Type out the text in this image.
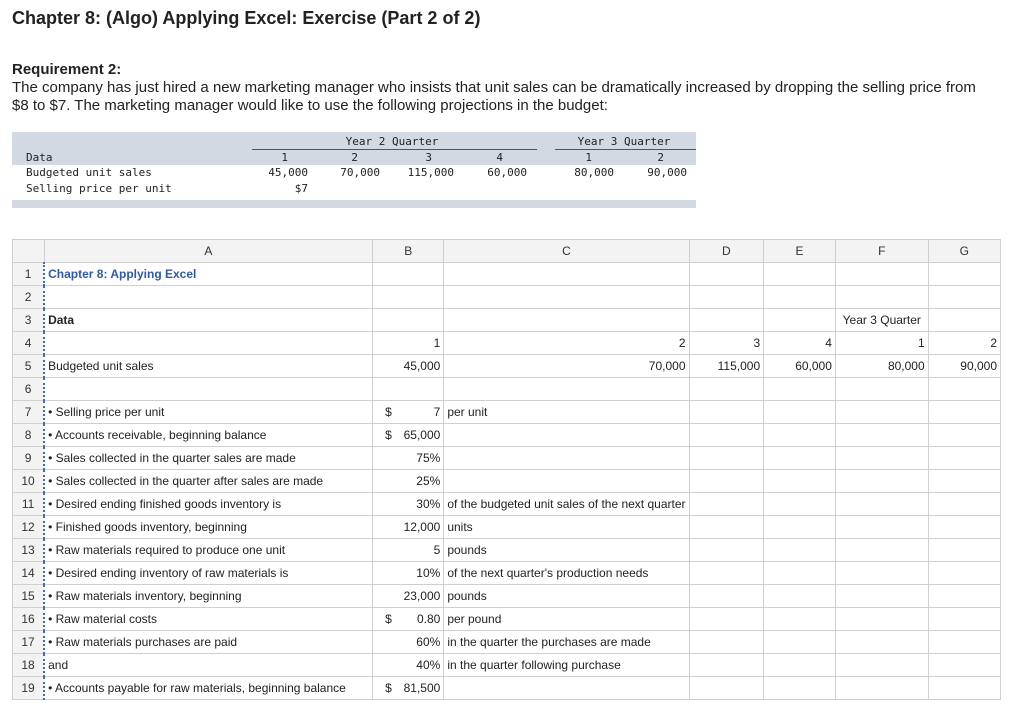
Chapter 8: (Algo) Applying Excel: Exercise (Part 2 of 2)
Requirement 2:
The company has just hired a new marketing manager who insists that unit sales can be dramatically increased by dropping the selling price from $8 to $7. The marketing manager would like to use the following projections in the budget:
Year 2 Quarter	Year 3 Quarter
Data	1	2	3	4	1	2
Budgeted unit sales	45,000	70,000	115,000	60,000	80,000	90,000
Selling price per unit	$7
	A	B	C	D	E	F	G
1	Chapter 8: Applying Excel						
2							
3	Data					Year 3 Quarter	
4		1	2	3	4	1	2
5	Budgeted unit sales	45,000	70,000	115,000	60,000	80,000	90,000
6							
7	• Selling price per unit	$ 7	per unit				
8	• Accounts receivable, beginning balance	$ 65,000					
9	• Sales collected in the quarter sales are made	75%					
10	• Sales collected in the quarter after sales are made	25%					
11	• Desired ending finished goods inventory is	30%	of the budgeted unit sales of the next quarter				
12	• Finished goods inventory, beginning	12,000	units				
13	• Raw materials required to produce one unit	5	pounds				
14	• Desired ending inventory of raw materials is	10%	of the next quarter's production needs				
15	• Raw materials inventory, beginning	23,000	pounds				
16	• Raw material costs	$ 0.80	per pound				
17	• Raw materials purchases are paid	60%	in the quarter the purchases are made				
18	and	40%	in the quarter following purchase				
19	• Accounts payable for raw materials, beginning balance	$ 81,500					
